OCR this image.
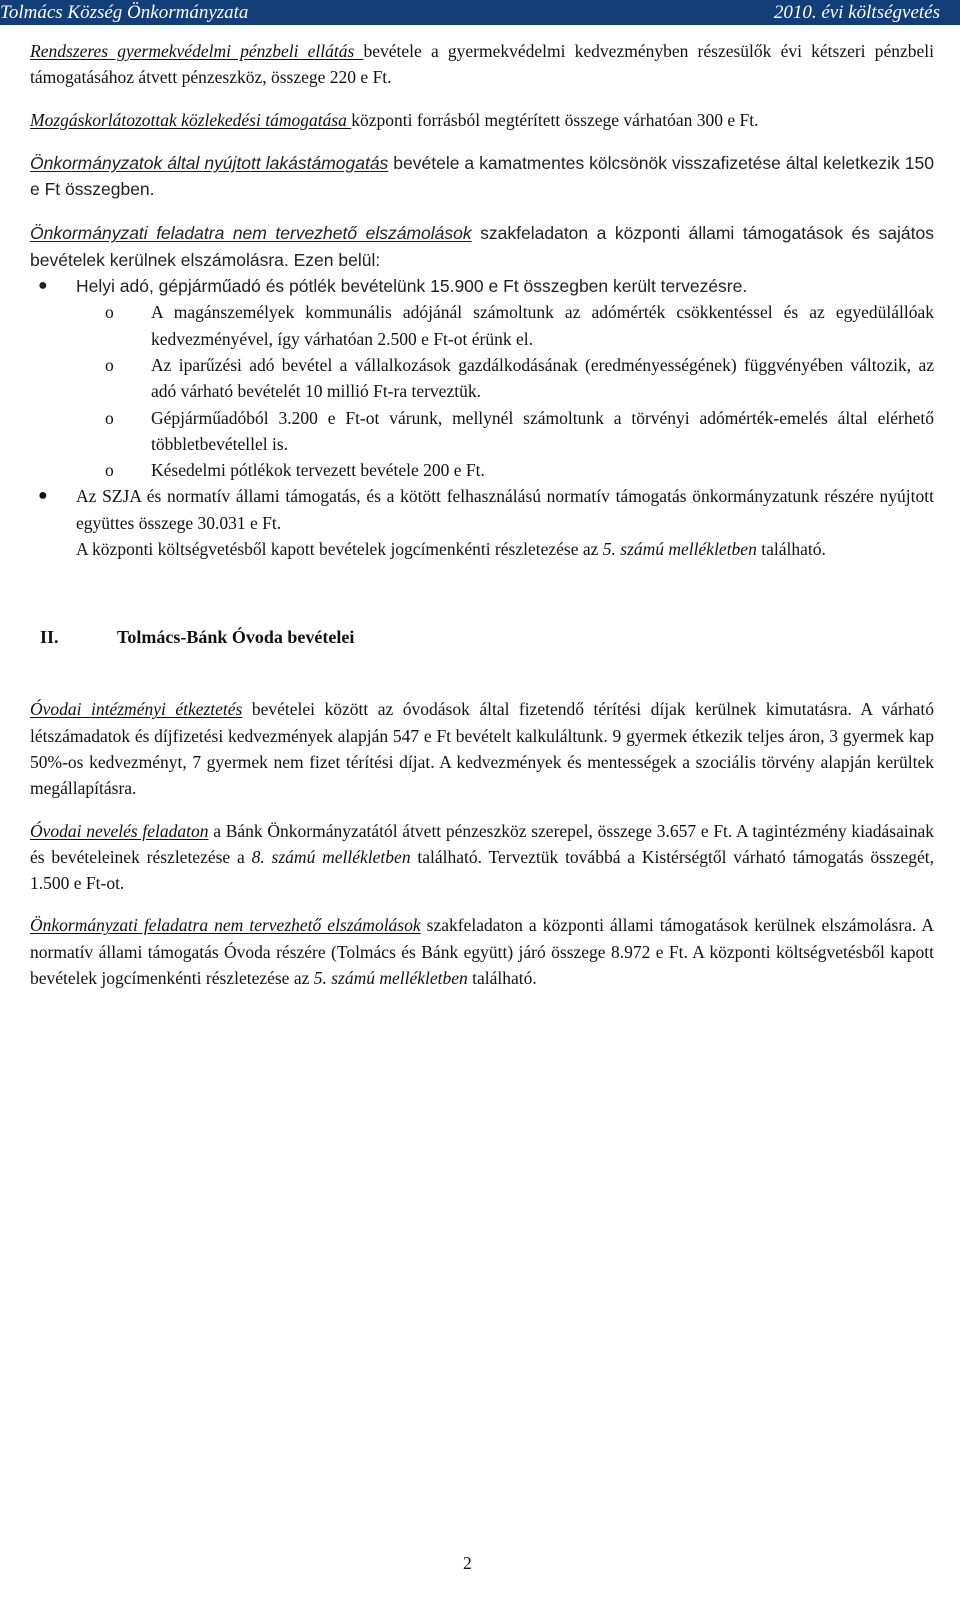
Tolmács Község Önkormányzata	2010. évi költségvetés

Rendszeres gyermekvédelmi pénzbeli ellátás bevétele a gyermekvédelmi kedvezményben részesülők évi kétszeri pénzbeli támogatásához átvett pénzeszköz, összege 220 e Ft.

Mozgáskorlátozottak közlekedési támogatása központi forrásból megtérített összege várhatóan 300 e Ft.

Önkormányzatok által nyújtott lakástámogatás bevétele a kamatmentes kölcsönök visszafizetése által keletkezik 150 e Ft összegben.

Önkormányzati feladatra nem tervezhető elszámolások szakfeladaton a központi állami támogatások és sajátos bevételek kerülnek elszámolásra. Ezen belül:

● Helyi adó, gépjárműadó és pótlék bevételünk 15.900 e Ft összegben került tervezésre.

o A magánszemélyek kommunális adójánál számoltunk az adómérték csökkentéssel és az egyedülállóak kedvezményével, így várhatóan 2.500 e Ft-ot érünk el.

o Az iparűzési adó bevétel a vállalkozások gazdálkodásának (eredményességének) függvényében változik, az adó várható bevételét 10 millió Ft-ra terveztük.

o Gépjárműadóból 3.200 e Ft-ot várunk, mellynél számoltunk a törvényi adómérték-emelés által elérhető többletbevétellel is.

o Késedelmi pótlékok tervezett bevétele 200 e Ft.

● Az SZJA és normatív állami támogatás, és a kötött felhasználású normatív támogatás önkormányzatunk részére nyújtott együttes összege 30.031 e Ft.
A központi költségvetésből kapott bevételek jogcímenkénti részletezése az 5. számú mellékletben található.

II.	Tolmács-Bánk Óvoda bevételei

Óvodai intézményi étkeztetés bevételei között az óvodások által fizetendő térítési díjak kerülnek kimutatásra. A várható létszámadatok és díjfizetési kedvezmények alapján 547 e Ft bevételt kalkuláltunk. 9 gyermek étkezik teljes áron, 3 gyermek kap 50%-os kedvezményt, 7 gyermek nem fizet térítési díjat. A kedvezmények és mentességek a szociális törvény alapján kerültek megállapításra.

Óvodai nevelés feladaton a Bánk Önkormányzatától átvett pénzeszköz szerepel, összege 3.657 e Ft. A tagintézmény kiadásainak és bevételeinek részletezése a 8. számú mellékletben található. Terveztük továbbá a Kistérségtől várható támogatás összegét, 1.500 e Ft-ot.

Önkormányzati feladatra nem tervezhető elszámolások szakfeladaton a központi állami támogatások kerülnek elszámolásra. A normatív állami támogatás Óvoda részére (Tolmács és Bánk együtt) járó összege 8.972 e Ft. A központi költségvetésből kapott bevételek jogcímenkénti részletezése az 5. számú mellékletben található.

2
